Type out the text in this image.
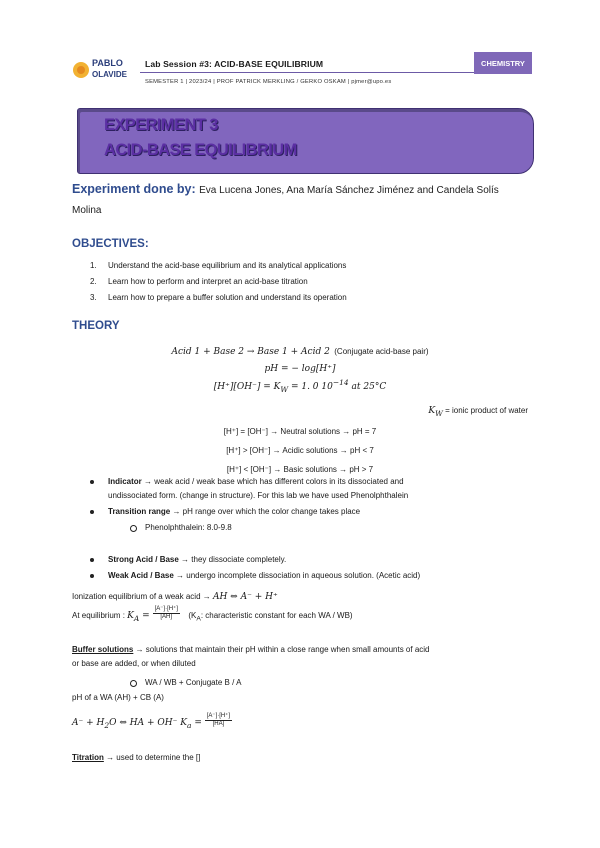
PABLO
OLAVIDE
Lab Session #3: ACID-BASE EQUILIBRIUM
SEMESTER 1 | 2023/24 | PROF PATRICK MERKLING / GERKO OSKAM | pjmer@upo.es
CHEMISTRY
EXPERIMENT 3
ACID-BASE EQUILIBRIUM
Experiment done by: Eva Lucena Jones, Ana María Sánchez Jiménez and Candela Solís
Molina
OBJECTIVES:
1. Understand the acid-base equilibrium and its analytical applications
2. Learn how to perform and interpret an acid-base titration
3. Learn how to prepare a buffer solution and understand its operation
THEORY
Acid 1 + Base 2 → Base 1 + Acid 2 (Conjugate acid-base pair)
pH = − log[H⁺]
$[H^+][OH^-] = K_W = 1$. 0 $10^{-14}$ at 25°C
$K_W$ = ionic product of water
[H⁺] = [OH⁻] → Neutral solutions → pH = 7
[H⁺] > [OH⁻] → Acidic solutions → pH < 7
[H⁺] < [OH⁻] → Basic solutions → pH > 7
Indicator → weak acid / weak base which has different colors in its dissociated and
undissociated form. (change in structure). For this lab we have used Phenolphthalein
Transition range → pH range over which the color change takes place
Phenolphthalein: 8.0-9.8
Strong Acid / Base → they dissociate completely.
Weak Acid / Base → undergo incomplete dissociation in aqueous solution. (Acetic acid)
Ionization equilibrium of a weak acid → AH ⇔ A⁻ + H⁺
At equilibrium : $K_A = \frac{[A^-]\cdot[H^+]}{[AH]} (K_A$: characteristic constant for each WA / WB)
Buffer solutions → solutions that maintain their pH within a close range when small amounts of acid
or base are added, or when diluted
WA / WB + Conjugate B / A
pH of a WA (AH) + CB (A)
$A^- + H_2O$ ⇔ HA + OH⁻ $K_a = \frac{[A^-]\cdot[H^+]}{[HA]}$
Titration → used to determine the []
